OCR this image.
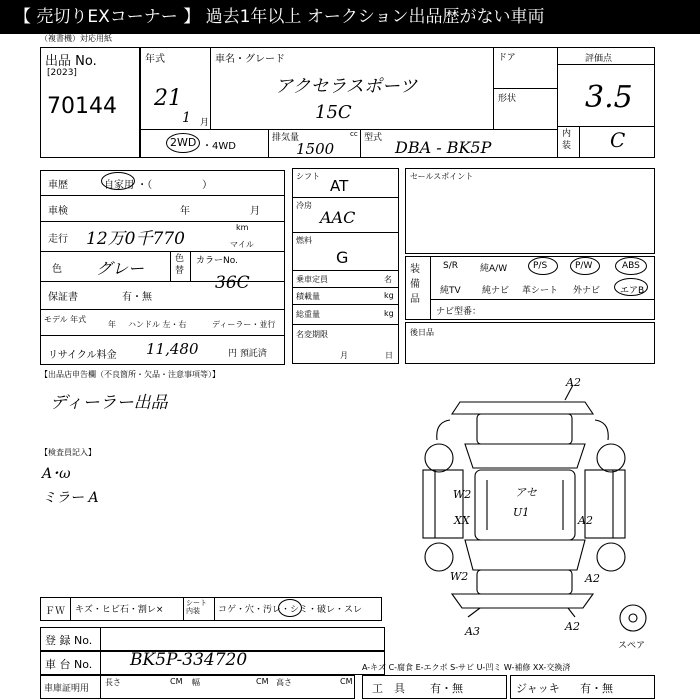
【 売切りEXコーナー 】 過去1年以上 オークション出品歴がない車両
（複書機）対応用紙
出品 No.
[2023]
70144
年式
21
1 月
車名・グレード
アクセラスポーツ
15C
ドア
形状
評価点
3.5
内装 C
2WD ・4WD
排気量	cc
1500
型式 DBA - BK5P
車歴	自家用 ・（　　　　　）
車検	年	月
走行 12万0千770
km
マイル
色 グレー	色替
カラーNo.
36C
保証書	有・無
モデル 年式
年 ハンドル 左・右	ディーラー・並行
リサイクル料金 11,480	円 預託済
シフト
AT
冷房
AAC
燃料
G
乗車定員	名
積載量	kg
総重量	kg
名変期限
月	日
セールスポイント
装備品
S/R 純A/W	P/S	P/W	ABS
純TV 純ナビ 革シート 外ナビ エアB
ナビ型番：
後日品
【出品店申告欄（不良箇所・欠品・注意事項等）】
ディーラー出品
【検査員記入】
A･ω
ミラー A
A2
W2
XX
アセ
U1
A2
W2	A2
A3	A2
スペア
ＦＷ キズ・ヒビ石・割レ×
シート内装	コゲ・穴・汚レ・シミ・破レ・スレ
登 録 No.
車 台 No. BK5P-334720	A-キズ C-腐食 E-エクボ S-サビ U-凹ミ W-補修 XX-交換済
車庫証明用
長さ	CM 幅	CM 高さ	CM
工　具 有・無	ジャッキ 有・無
